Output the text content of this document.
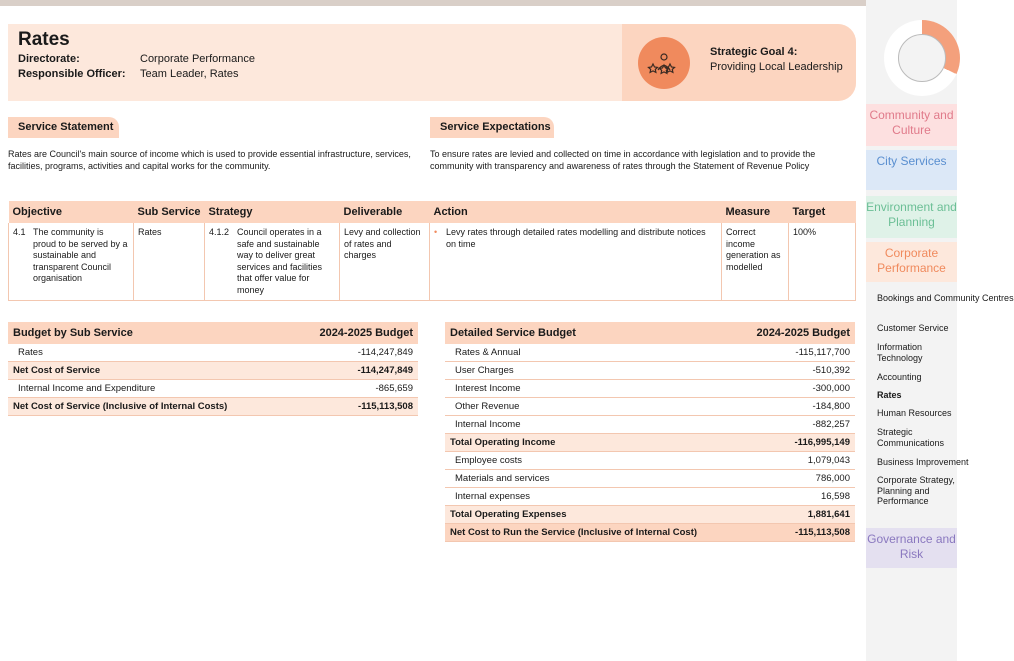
Rates
Directorate:	Corporate Performance
Responsible Officer: Team Leader, Rates
Strategic Goal 4:
Providing Local Leadership
Service Statement
Rates are Council's main source of income which is used to provide essential infrastructure, services, facilities, programs, activities and capital works for the community.
Service Expectations
To ensure rates are levied and collected on time in accordance with legislation and to provide the community with transparency and awareness of rates through the Statement of Revenue Policy
Objective	Sub Service	Strategy	Deliverable	Action	Measure	Target

4.1 The community is proud to be served by a sustainable and transparent Council organisation	Rates	4.1.2 Council operates in a safe and sustainable way to deliver great services and facilities that offer value for money	Levy and collection of rates and charges	• Levy rates through detailed rates modelling and distribute notices on time	Correct income generation as modelled	100%
Budget by Sub Service	2024-2025 Budget
Rates	-114,247,849
Net Cost of Service	-114,247,849
Internal Income and Expenditure	-865,659
Net Cost of Service (Inclusive of Internal Costs)	-115,113,508
Detailed Service Budget	2024-2025 Budget
Rates & Annual	-115,117,700
User Charges	-510,392
Interest Income	-300,000
Other Revenue	-184,800
Internal Income	-882,257
Total Operating Income	-116,995,149
Employee costs	1,079,043
Materials and services	786,000
Internal expenses	16,598
Total Operating Expenses	1,881,641
Net Cost to Run the Service (Inclusive of Internal Cost)	-115,113,508
Community and Culture
City Services
Environment and Planning
Corporate Performance
Bookings and Community Centres
Customer Service
Information Technology
Accounting
Rates
Human Resources
Strategic Communications
Business Improvement
Corporate Strategy, Planning and Performance
Governance and Risk
